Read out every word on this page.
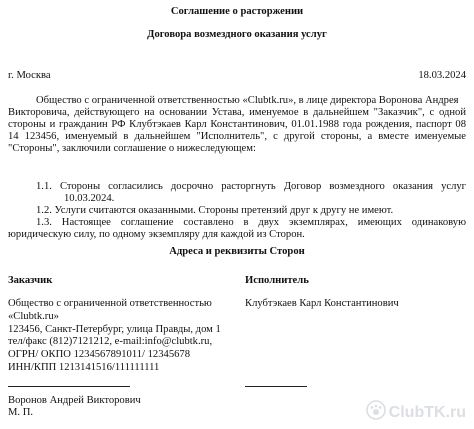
Соглашение о расторжении
Договора возмездного оказания услуг
г. Москва	18.03.2024
Общество с ограниченной ответственностью «Clubtk.ru», в лице директора Воронова Андрея
Викторовича, действующего на основании Устава, именуемое в дальнейшем "Заказчик", с одной
стороны и гражданин РФ Клубтэкаев Карл Константинович, 01.01.1988 года рождения, паспорт 08
14 123456, именуемый в дальнейшем "Исполнитель", с другой стороны, а вместе именуемые
"Стороны", заключили соглашение о нижеследующем:
1.1. Стороны согласились досрочно расторгнуть Договор возмездного оказания услуг
10.03.2024.
1.2. Услуги считаются оказанными. Стороны претензий друг к другу не имеют.
1.3. Настоящее соглашение составлено в двух экземплярах, имеющих одинаковую
юридическую силу, по одному экземпляру для каждой из Сторон.
Адреса и реквизиты Сторон
Заказчик	Исполнитель
Общество с ограниченной ответственностью
«Clubtk.ru»
123456, Санкт-Петербург, улица Правды, дом 1
тел/факс (812)7121212, e-mail:info@clubtk.ru,
ОГРН/ ОКПО 1234567891011/ 12345678
ИНН/КПП 1213141516/111111111
Клубтэкаев Карл Константинович
Воронов Андрей Викторович
М. П.	ClubTK.ru
